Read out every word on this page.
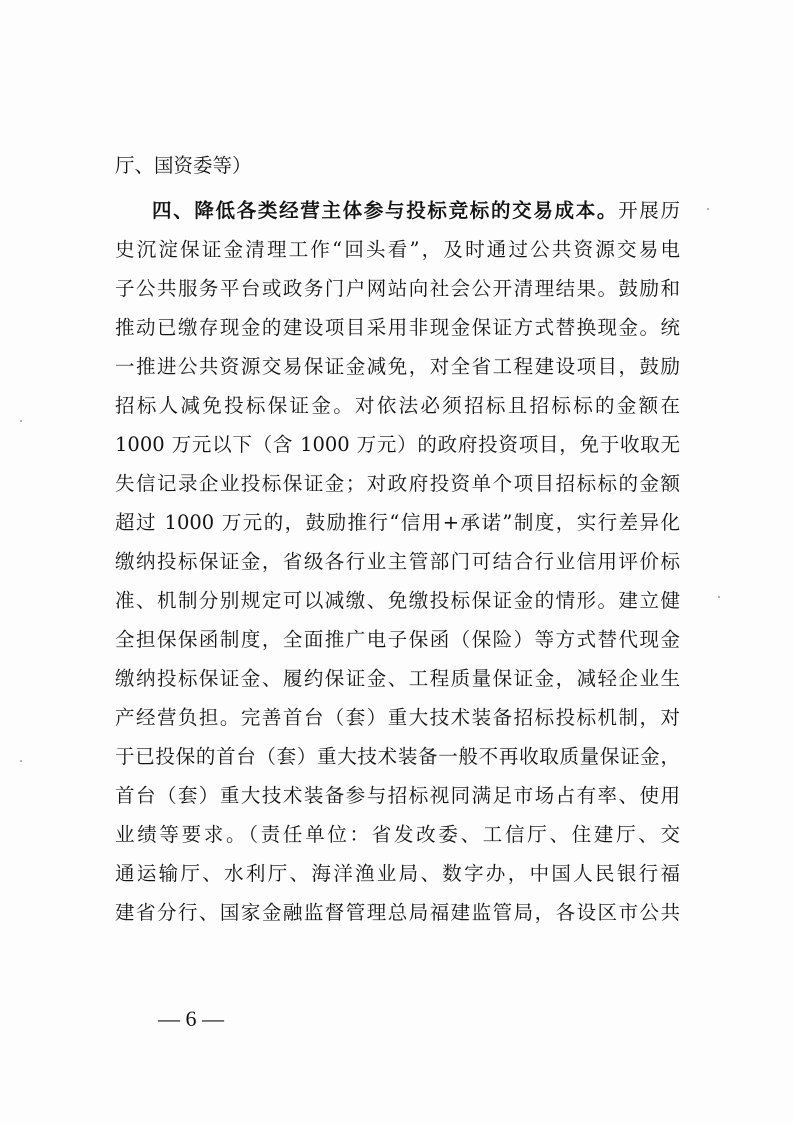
厅、国资委等）
四、降低各类经营主体参与投标竞标的交易成本。开展历
史沉淀保证金清理工作“回头看”，及时通过公共资源交易电
子公共服务平台或政务门户网站向社会公开清理结果。鼓励和
推动已缴存现金的建设项目采用非现金保证方式替换现金。统
一推进公共资源交易保证金减免，对全省工程建设项目，鼓励
招标人减免投标保证金。对依法必须招标且招标标的金额在
1000 万元以下（含 1000 万元）的政府投资项目，免于收取无
失信记录企业投标保证金；对政府投资单个项目招标标的金额
超过 1000 万元的，鼓励推行“信用+承诺”制度，实行差异化
缴纳投标保证金，省级各行业主管部门可结合行业信用评价标
准、机制分别规定可以减缴、免缴投标保证金的情形。建立健
全担保保函制度，全面推广电子保函（保险）等方式替代现金
缴纳投标保证金、履约保证金、工程质量保证金，减轻企业生
产经营负担。完善首台（套）重大技术装备招标投标机制，对
于已投保的首台（套）重大技术装备一般不再收取质量保证金，
首台（套）重大技术装备参与招标视同满足市场占有率、使用
业绩等要求。（责任单位：省发改委、工信厅、住建厅、交
通运输厅、水利厅、海洋渔业局、数字办，中国人民银行福
建省分行、国家金融监督管理总局福建监管局，各设区市公共
— 6 —
